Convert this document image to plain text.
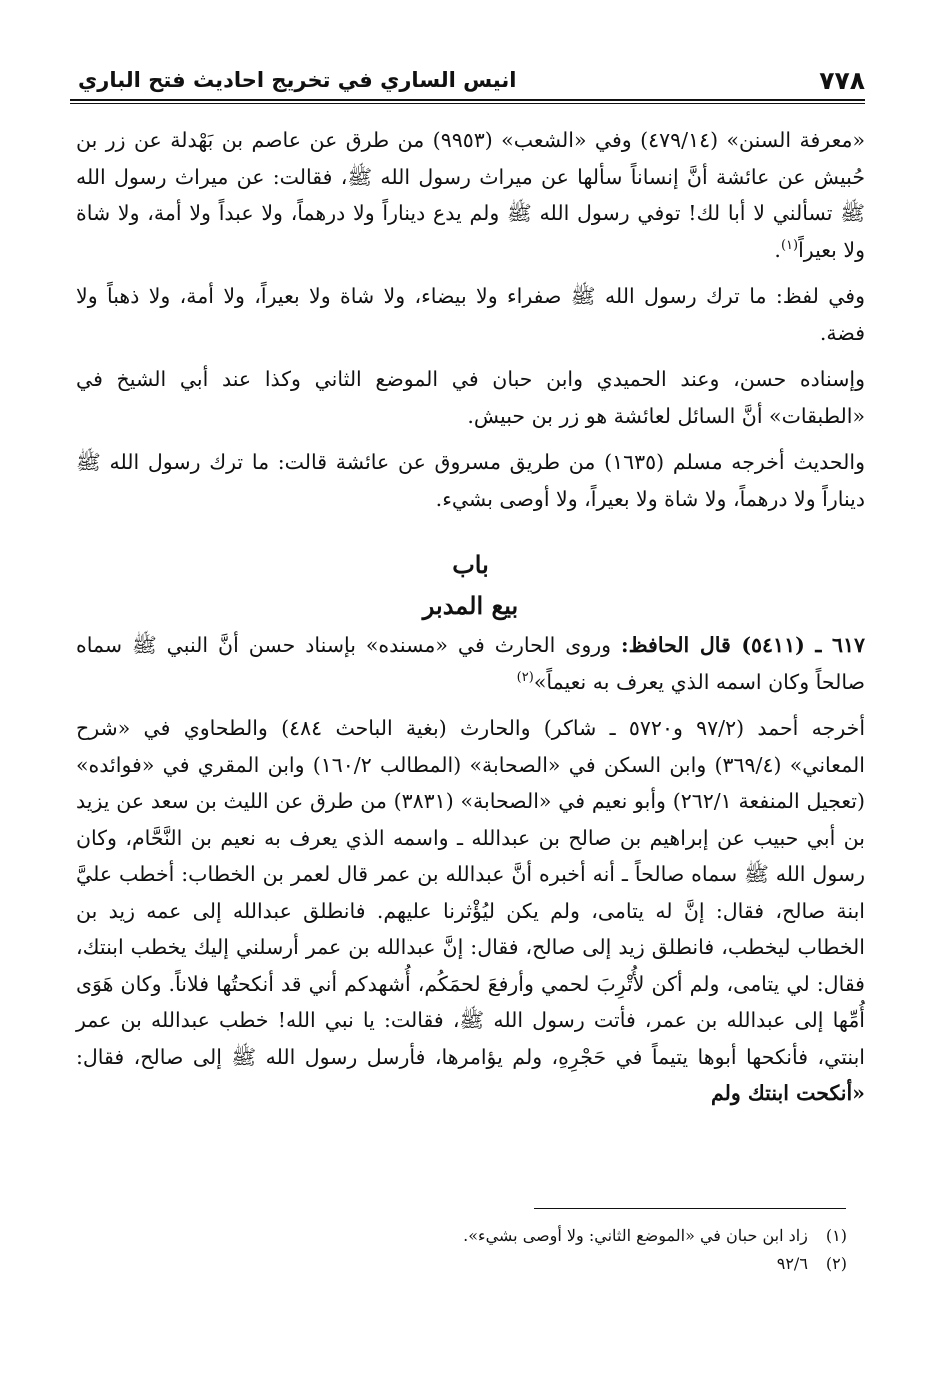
٧٧٨
انيس الساري في تخريج احاديث فتح الباري

«معرفة السنن» (٤٧٩/١٤) وفي «الشعب» (٩٩٥٣) من طرق عن عاصم بن بَهْدلة عن زر بن حُبيش عن عائشة أنَّ إنساناً سألها عن ميراث رسول الله ﷺ، فقالت: عن ميراث رسول الله ﷺ تسألني لا أبا لك! توفي رسول الله ﷺ ولم يدع ديناراً ولا درهماً، ولا عبداً ولا أمة، ولا شاة ولا بعيراً$^{(١)}$.

وفي لفظ: ما ترك رسول الله ﷺ صفراء ولا بيضاء، ولا شاة ولا بعيراً، ولا أمة، ولا ذهباً ولا فضة.

وإسناده حسن، وعند الحميدي وابن حبان في الموضع الثاني وكذا عند أبي الشيخ في «الطبقات» أنَّ السائل لعائشة هو زر بن حبيش.

والحديث أخرجه مسلم (١٦٣٥) من طريق مسروق عن عائشة قالت: ما ترك رسول الله ﷺ ديناراً ولا درهماً، ولا شاة ولا بعيراً، ولا أوصى بشيء.

باب

بيع المدبر

٦١٧ ـ (٥٤١١) قال الحافظ: وروى الحارث في «مسنده» بإسناد حسن أنَّ النبي ﷺ سماه صالحاً وكان اسمه الذي يعرف به نعيماً»$^{(٢)}$

أخرجه أحمد (٩٧/٢ و٥٧٢٠ ـ شاكر) والحارث (بغية الباحث ٤٨٤) والطحاوي في «شرح المعاني» (٣٦٩/٤) وابن السكن في «الصحابة» (المطالب ١٦٠/٢) وابن المقري في «فوائده» (تعجيل المنفعة ٢٦٢/١) وأبو نعيم في «الصحابة» (٣٨٣١) من طرق عن الليث بن سعد عن يزيد بن أبي حبيب عن إبراهيم بن صالح بن عبدالله ـ واسمه الذي يعرف به نعيم بن النَّحَّام، وكان رسول الله ﷺ سماه صالحاً ـ أنه أخبره أنَّ عبدالله بن عمر قال لعمر بن الخطاب: أخطب عليَّ ابنة صالح، فقال: إنَّ له يتامى، ولم يكن ليُؤْثرنا عليهم. فانطلق عبدالله إلى عمه زيد بن الخطاب ليخطب، فانطلق زيد إلى صالح، فقال: إنَّ عبدالله بن عمر أرسلني إليك يخطب ابنتك، فقال: لي يتامى، ولم أكن لأُتْرِبَ لحمي وأرفعَ لحمَكُم، أُشهدكم أني قد أنكحتُها فلاناً. وكان هَوَى أُمِّها إلى عبدالله بن عمر، فأتت رسول الله ﷺ، فقالت: يا نبي الله! خطب عبدالله بن عمر ابنتي، فأنكحها أبوها يتيماً في حَجْرِهِ، ولم يؤامرها، فأرسل رسول الله ﷺ إلى صالح، فقال: «أنكحت ابنتك ولم

(١) زاد ابن حبان في «الموضع الثاني: ولا أوصى بشيء».
(٢) ٩٢/٦
